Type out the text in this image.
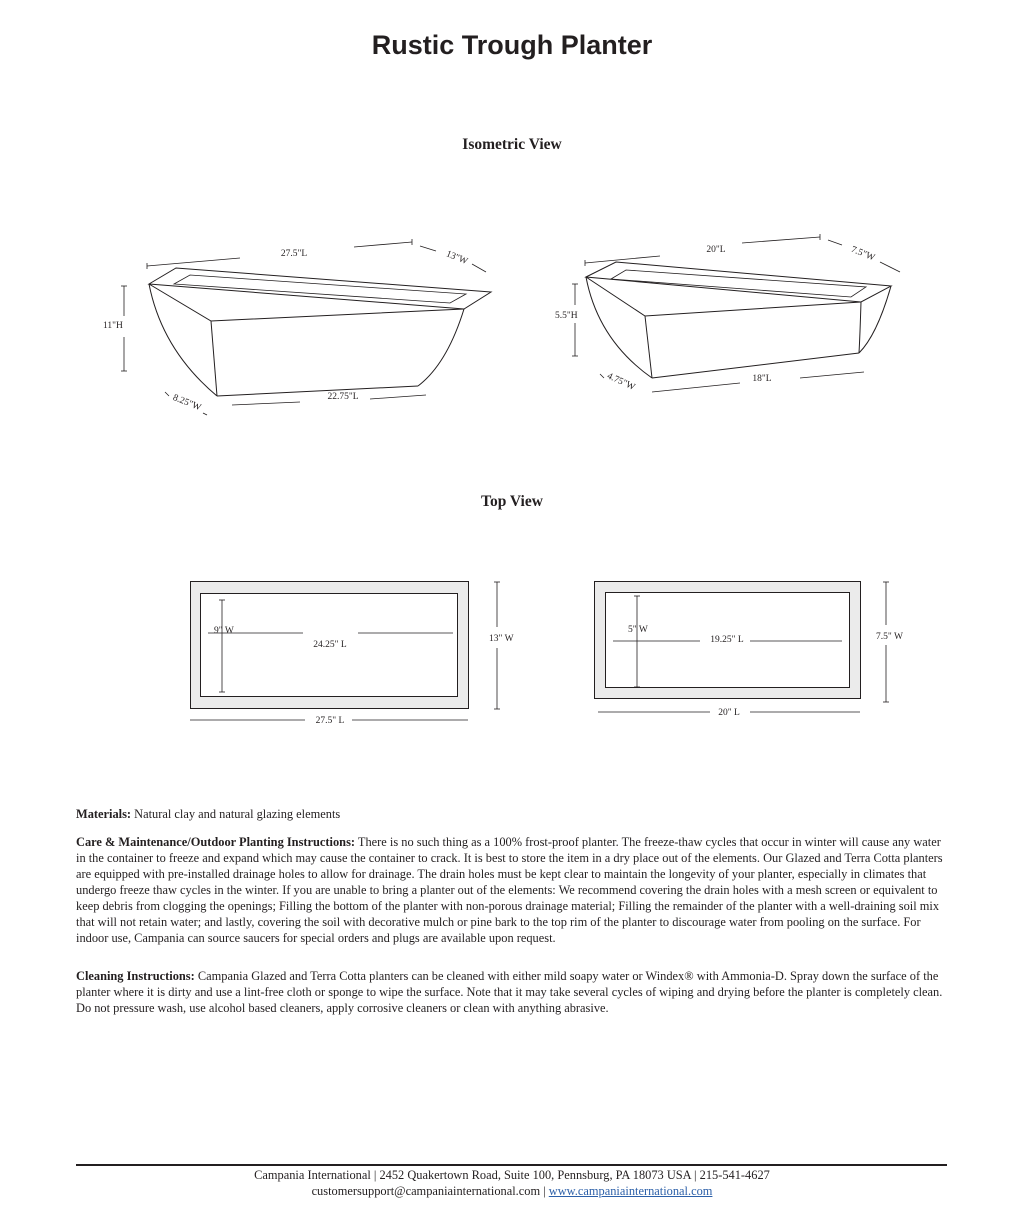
Rustic Trough Planter
Isometric View
Top View
27.5"L	13"W
11"H
8.25"W	22.75"L
20"L	7.5"W
5.5"H
4.75"W	18"L
9" W
24.25" L
13" W
27.5" L
5" W
19.25" L	7.5" W
20" L

Materials: Natural clay and natural glazing elements

Care & Maintenance/Outdoor Planting Instructions: There is no such thing as a 100% frost-proof planter. The freeze-thaw cycles that occur in winter will cause any water in the container to freeze and expand which may cause the container to crack. It is best to store the item in a dry place out of the elements. Our Glazed and Terra Cotta planters are equipped with pre-installed drainage holes to allow for drainage. The drain holes must be kept clear to maintain the longevity of your planter, especially in climates that undergo freeze thaw cycles in the winter. If you are unable to bring a planter out of the elements: We recommend covering the drain holes with a mesh screen or equivalent to keep debris from clogging the openings; Filling the bottom of the planter with non-porous drainage material; Filling the remainder of the planter with a well-draining soil mix that will not retain water; and lastly, covering the soil with decorative mulch or pine bark to the top rim of the planter to discourage water from pooling on the surface. For indoor use, Campania can source saucers for special orders and plugs are available upon request.

Cleaning Instructions: Campania Glazed and Terra Cotta planters can be cleaned with either mild soapy water or Windex® with Ammonia-D. Spray down the surface of the planter where it is dirty and use a lint-free cloth or sponge to wipe the surface. Note that it may take several cycles of wiping and drying before the planter is completely clean. Do not pressure wash, use alcohol based cleaners, apply corrosive cleaners or clean with anything abrasive.

Campania International | 2452 Quakertown Road, Suite 100, Pennsburg, PA 18073 USA | 215-541-4627
customersupport@campaniainternational.com | www.campaniainternational.com
